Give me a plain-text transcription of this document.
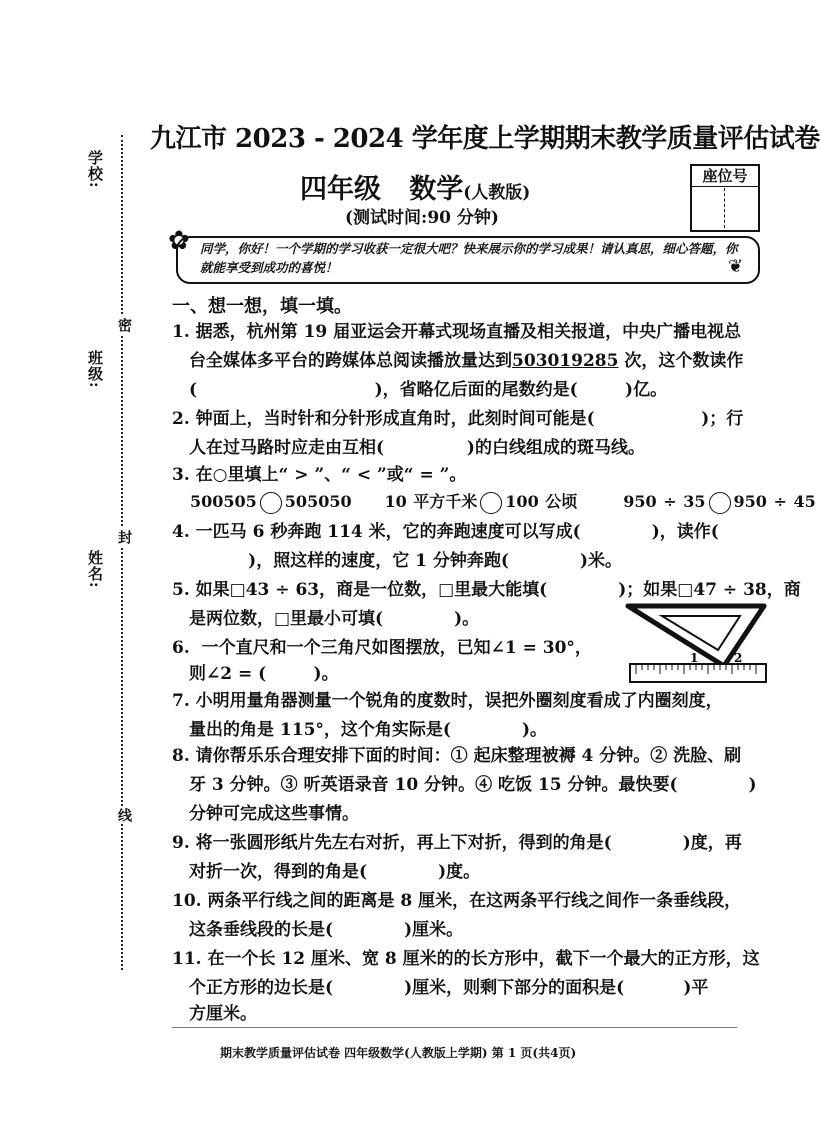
学校:
班级:
姓名:
密
封
线
九江市 2023 - 2024 学年度上学期期末教学质量评估试卷
四年级 数学(人教版)
(测试时间:90 分钟)
座位号
✿
❦
同学，你好！一个学期的学习收获一定很大吧？快来展示你的学习成果！请认真思，细心答题，你就能享受到成功的喜悦！
一、想一想，填一填。
1. 据悉，杭州第 19 届亚运会开幕式现场直播及相关报道，中央广播电视总
台全媒体多平台的跨媒体总阅读播放量达到503019285 次，这个数读作
(                              )，省略亿后面的尾数约是(        )亿。
2. 钟面上，当时针和分针形成直角时，此刻时间可能是(                  )；行
人在过马路时应走由互相(              )的白线组成的斑马线。
3. 在○里填上“ > ”、“ < ”或“ = ”。
500505 505050 10 平方千米 100 公顷	950 ÷ 35 950 ÷ 45
4. 一匹马 6 秒奔跑 114 米，它的奔跑速度可以写成(            )，读作(
)，照这样的速度，它 1 分钟奔跑(            )米。
5. 如果□43 ÷ 63，商是一位数，□里最大能填(            )；如果□47 ÷ 38，商
是两位数，□里最小可填(            )。
6.  一个直尺和一个三角尺如图摆放，已知∠1 = 30°，
则∠2 = (        )。
1	2
7. 小明用量角器测量一个锐角的度数时，误把外圈刻度看成了内圈刻度，
量出的角是 115°，这个角实际是(            )。
8. 请你帮乐乐合理安排下面的时间：① 起床整理被褥 4 分钟。② 洗脸、刷
牙 3 分钟。③ 听英语录音 10 分钟。④ 吃饭 15 分钟。最快要(            )
分钟可完成这些事情。
9. 将一张圆形纸片先左右对折，再上下对折，得到的角是(            )度，再
对折一次，得到的角是(            )度。
10. 两条平行线之间的距离是 8 厘米，在这两条平行线之间作一条垂线段，
这条垂线段的长是(            )厘米。
11. 在一个长 12 厘米、宽 8 厘米的的长方形中，截下一个最大的正方形，这
个正方形的边长是(            )厘米，则剩下部分的面积是(          )平
方厘米。
期末教学质量评估试卷 四年级数学(人教版上学期) 第 1 页(共4页)
